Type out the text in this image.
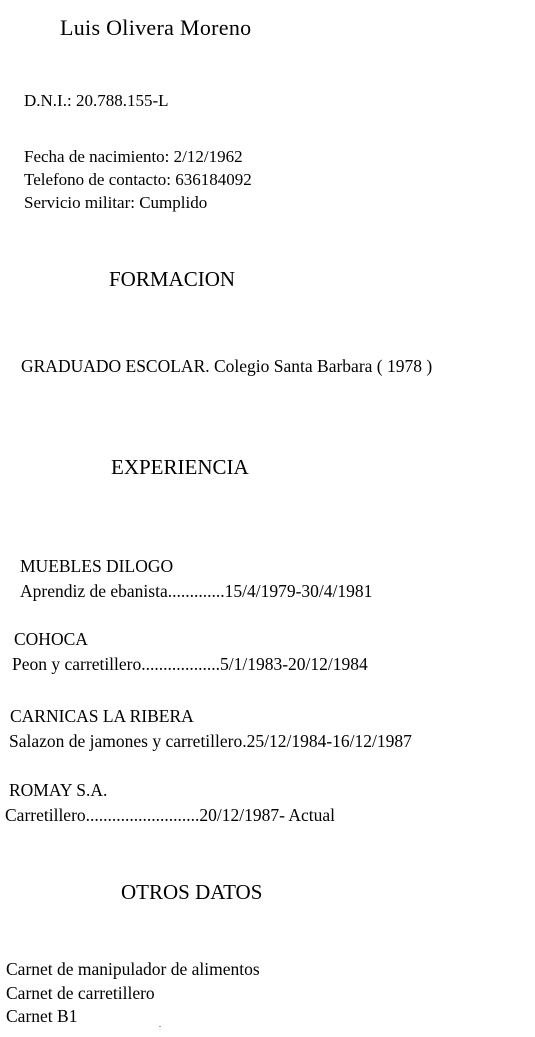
Luis Olivera Moreno
D.N.I.: 20.788.155-L
Fecha de nacimiento: 2/12/1962
Telefono de contacto: 636184092
Servicio militar: Cumplido
FORMACION
GRADUADO ESCOLAR. Colegio Santa Barbara ( 1978 )
EXPERIENCIA
MUEBLES DILOGO
Aprendiz de ebanista.............15/4/1979-30/4/1981
COHOCA
Peon y carretillero..................5/1/1983-20/12/1984
CARNICAS LA RIBERA
Salazon de jamones y carretillero.25/12/1984-16/12/1987
ROMAY S.A.
Carretillero..........................20/12/1987- Actual
OTROS DATOS
Carnet de manipulador de alimentos
Carnet de carretillero
Carnet B1
